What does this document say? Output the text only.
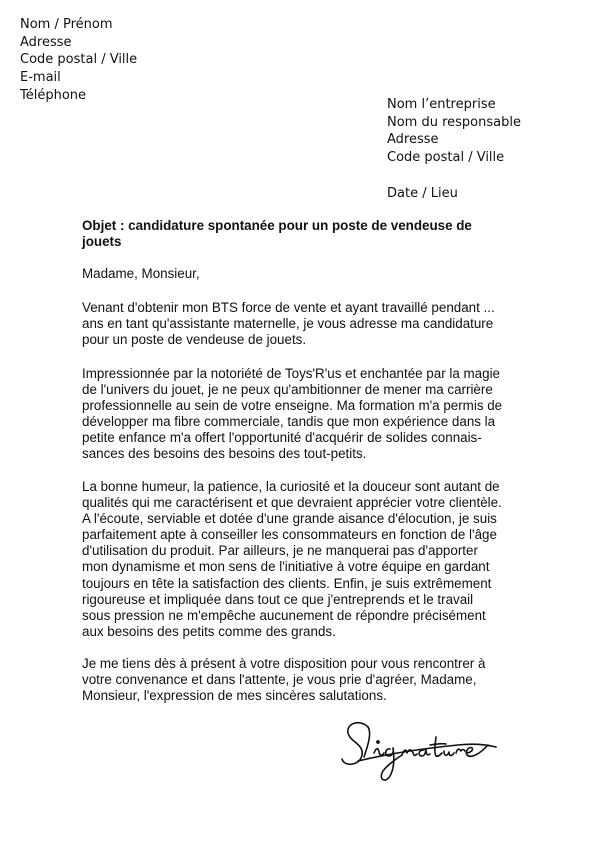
Nom / Prénom
Adresse
Code postal / Ville
E-mail
Téléphone
Nom l’entreprise
Nom du responsable
Adresse
Code postal / Ville
Date / Lieu
Objet : candidature spontanée pour un poste de vendeuse de
jouets
Madame, Monsieur,
Venant d'obtenir mon BTS force de vente et ayant travaillé pendant ...
ans en tant qu'assistante maternelle, je vous adresse ma candidature
pour un poste de vendeuse de jouets.
Impressionnée par la notoriété de Toys'R'us et enchantée par la magie
de l'univers du jouet, je ne peux qu'ambitionner de mener ma carrière
professionnelle au sein de votre enseigne. Ma formation m'a permis de
développer ma fibre commerciale, tandis que mon expérience dans la
petite enfance m'a offert l'opportunité d'acquérir de solides connais-
sances des besoins des besoins des tout-petits.
La bonne humeur, la patience, la curiosité et la douceur sont autant de
qualités qui me caractérisent et que devraient apprécier votre clientèle.
A l'écoute, serviable et dotée d'une grande aisance d'élocution, je suis
parfaitement apte à conseiller les consommateurs en fonction de l'âge
d'utilisation du produit. Par ailleurs, je ne manquerai pas d'apporter
mon dynamisme et mon sens de l'initiative à votre équipe en gardant
toujours en tête la satisfaction des clients. Enfin, je suis extrêmement
rigoureuse et impliquée dans tout ce que j'entreprends et le travail
sous pression ne m'empêche aucunement de répondre précisément
aux besoins des petits comme des grands.
Je me tiens dès à présent à votre disposition pour vous rencontrer à
votre convenance et dans l'attente, je vous prie d'agréer, Madame,
Monsieur, l'expression de mes sincères salutations.
